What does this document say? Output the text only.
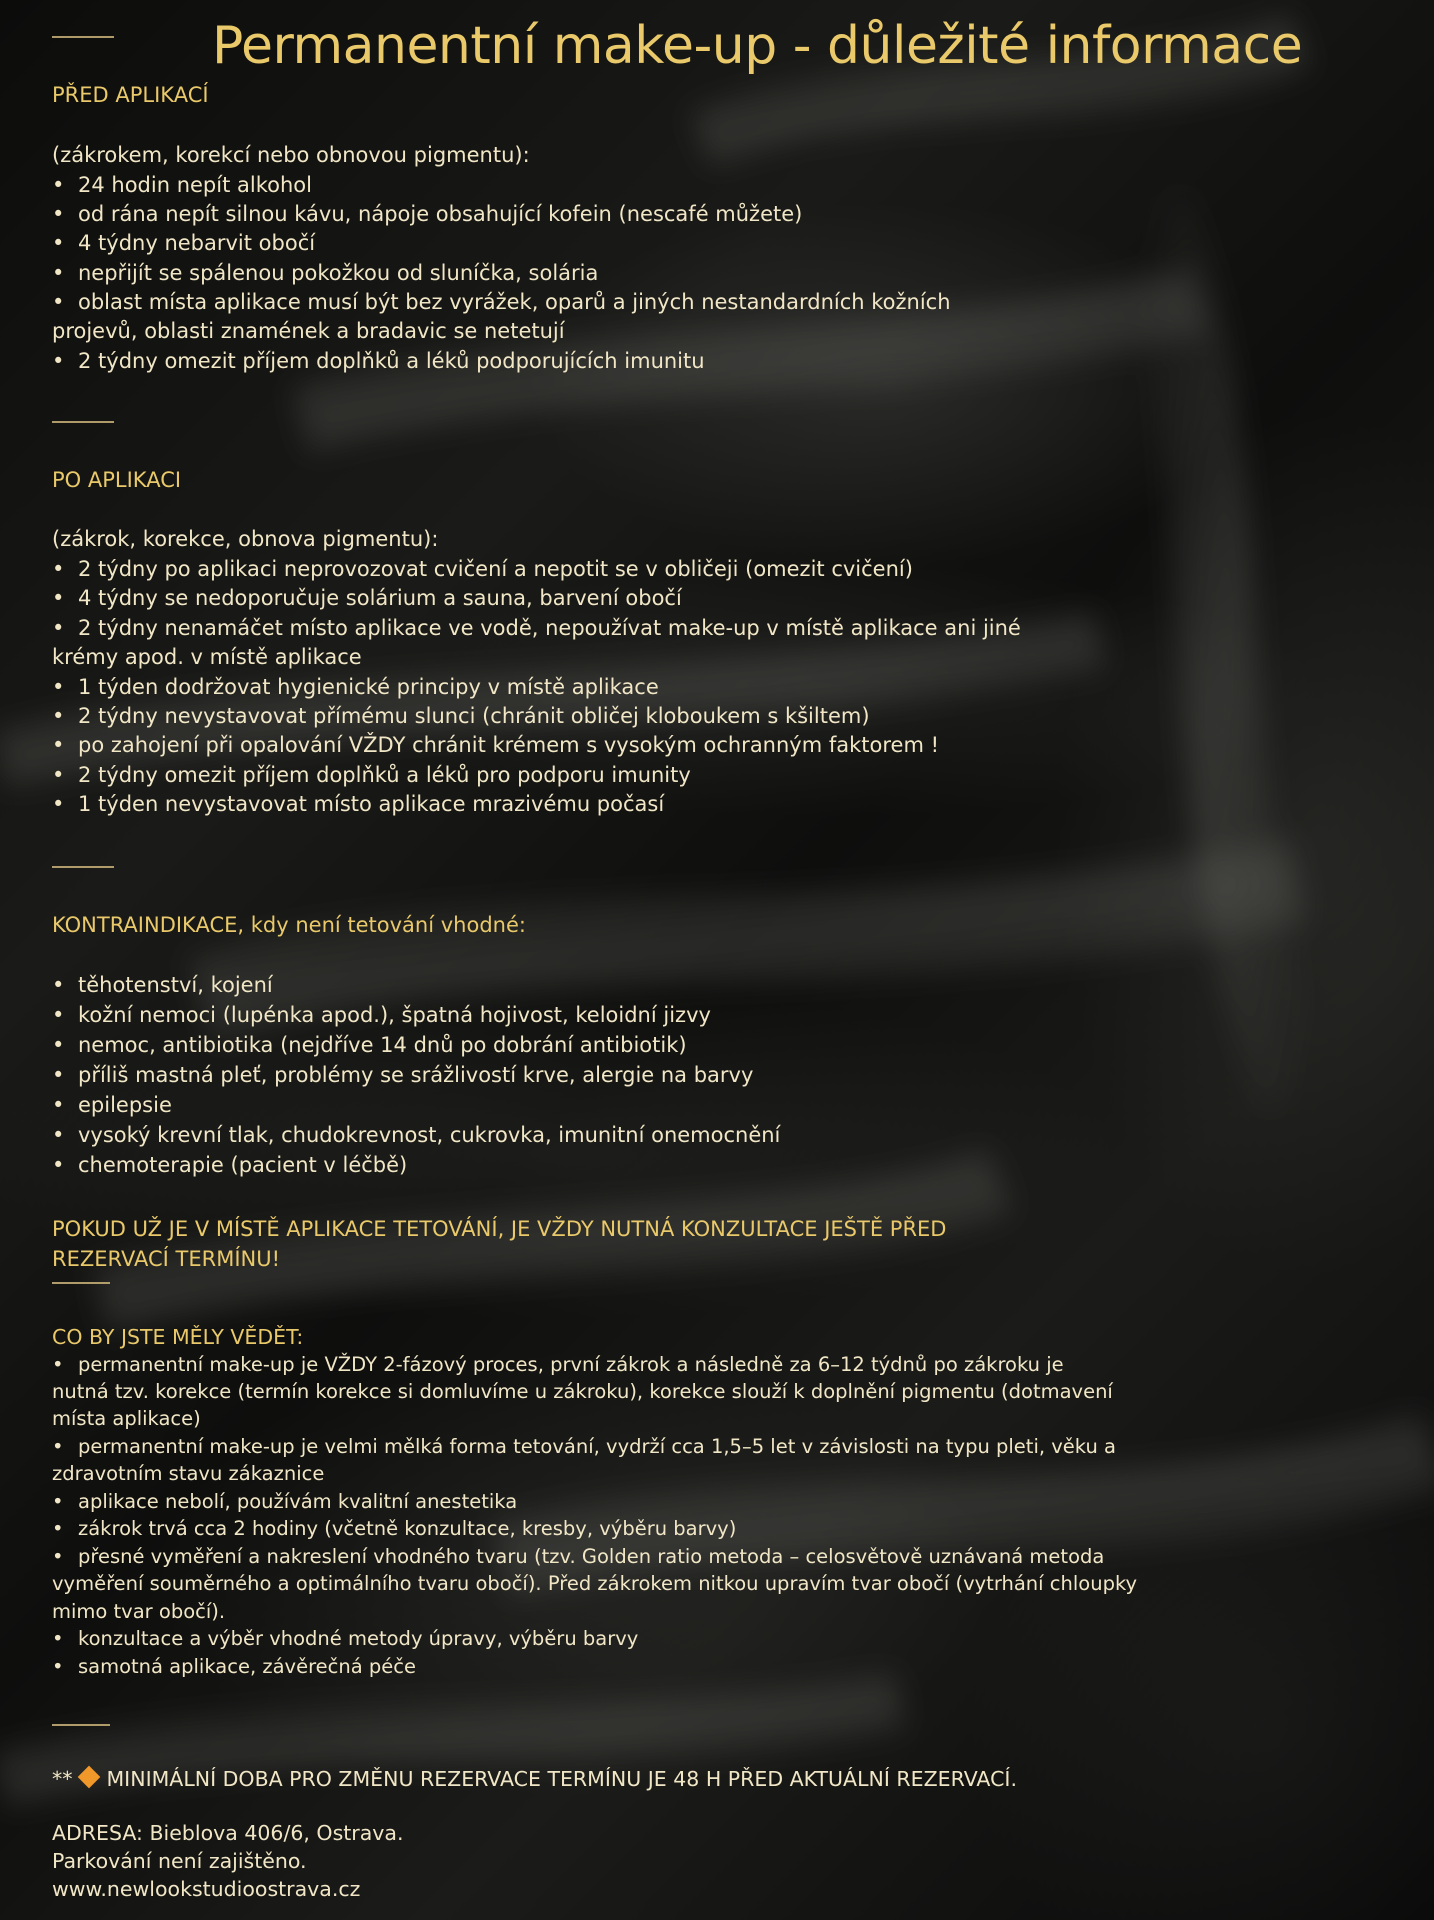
Permanentní make-up - důležité informace
PŘED APLIKACÍ
(zákrokem, korekcí nebo obnovou pigmentu):
• 24 hodin nepít alkohol
• od rána nepít silnou kávu, nápoje obsahující kofein (nescafé můžete)
• 4 týdny nebarvit obočí
• nepřijít se spálenou pokožkou od sluníčka, solária
• oblast místa aplikace musí být bez vyrážek, oparů a jiných nestandardních kožních
projevů, oblasti znamének a bradavic se netetují
• 2 týdny omezit příjem doplňků a léků podporujících imunitu
PO APLIKACI
(zákrok, korekce, obnova pigmentu):
• 2 týdny po aplikaci neprovozovat cvičení a nepotit se v obličeji (omezit cvičení)
• 4 týdny se nedoporučuje solárium a sauna, barvení obočí
• 2 týdny nenamáčet místo aplikace ve vodě, nepoužívat make-up v místě aplikace ani jiné
krémy apod. v místě aplikace
• 1 týden dodržovat hygienické principy v místě aplikace
• 2 týdny nevystavovat přímému slunci (chránit obličej kloboukem s kšiltem)
• po zahojení při opalování VŽDY chránit krémem s vysokým ochranným faktorem !
• 2 týdny omezit příjem doplňků a léků pro podporu imunity
• 1 týden nevystavovat místo aplikace mrazivému počasí
KONTRAINDIKACE, kdy není tetování vhodné:
• těhotenství, kojení
• kožní nemoci (lupénka apod.), špatná hojivost, keloidní jizvy
• nemoc, antibiotika (nejdříve 14 dnů po dobrání antibiotik)
• příliš mastná pleť, problémy se srážlivostí krve, alergie na barvy
• epilepsie
• vysoký krevní tlak, chudokrevnost, cukrovka, imunitní onemocnění
• chemoterapie (pacient v léčbě)
POKUD UŽ JE V MÍSTĚ APLIKACE TETOVÁNÍ, JE VŽDY NUTNÁ KONZULTACE JEŠTĚ PŘED
REZERVACÍ TERMÍNU!
CO BY JSTE MĚLY VĚDĚT:
• permanentní make-up je VŽDY 2-fázový proces, první zákrok a následně za 6–12 týdnů po zákroku je
nutná tzv. korekce (termín korekce si domluvíme u zákroku), korekce slouží k doplnění pigmentu (dotmavení
místa aplikace)
• permanentní make-up je velmi mělká forma tetování, vydrží cca 1,5–5 let v závislosti na typu pleti, věku a
zdravotním stavu zákaznice
• aplikace nebolí, používám kvalitní anestetika
• zákrok trvá cca 2 hodiny (včetně konzultace, kresby, výběru barvy)
• přesné vyměření a nakreslení vhodného tvaru (tzv. Golden ratio metoda – celosvětově uznávaná metoda
vyměření souměrného a optimálního tvaru obočí). Před zákrokem nitkou upravím tvar obočí (vytrhání chloupky
mimo tvar obočí).
• konzultace a výběr vhodné metody úpravy, výběru barvy
• samotná aplikace, závěrečná péče
** MINIMÁLNÍ DOBA PRO ZMĚNU REZERVACE TERMÍNU JE 48 H PŘED AKTUÁLNÍ REZERVACÍ.
ADRESA: Bieblova 406/6, Ostrava.
Parkování není zajištěno.
www.newlookstudioostrava.cz
